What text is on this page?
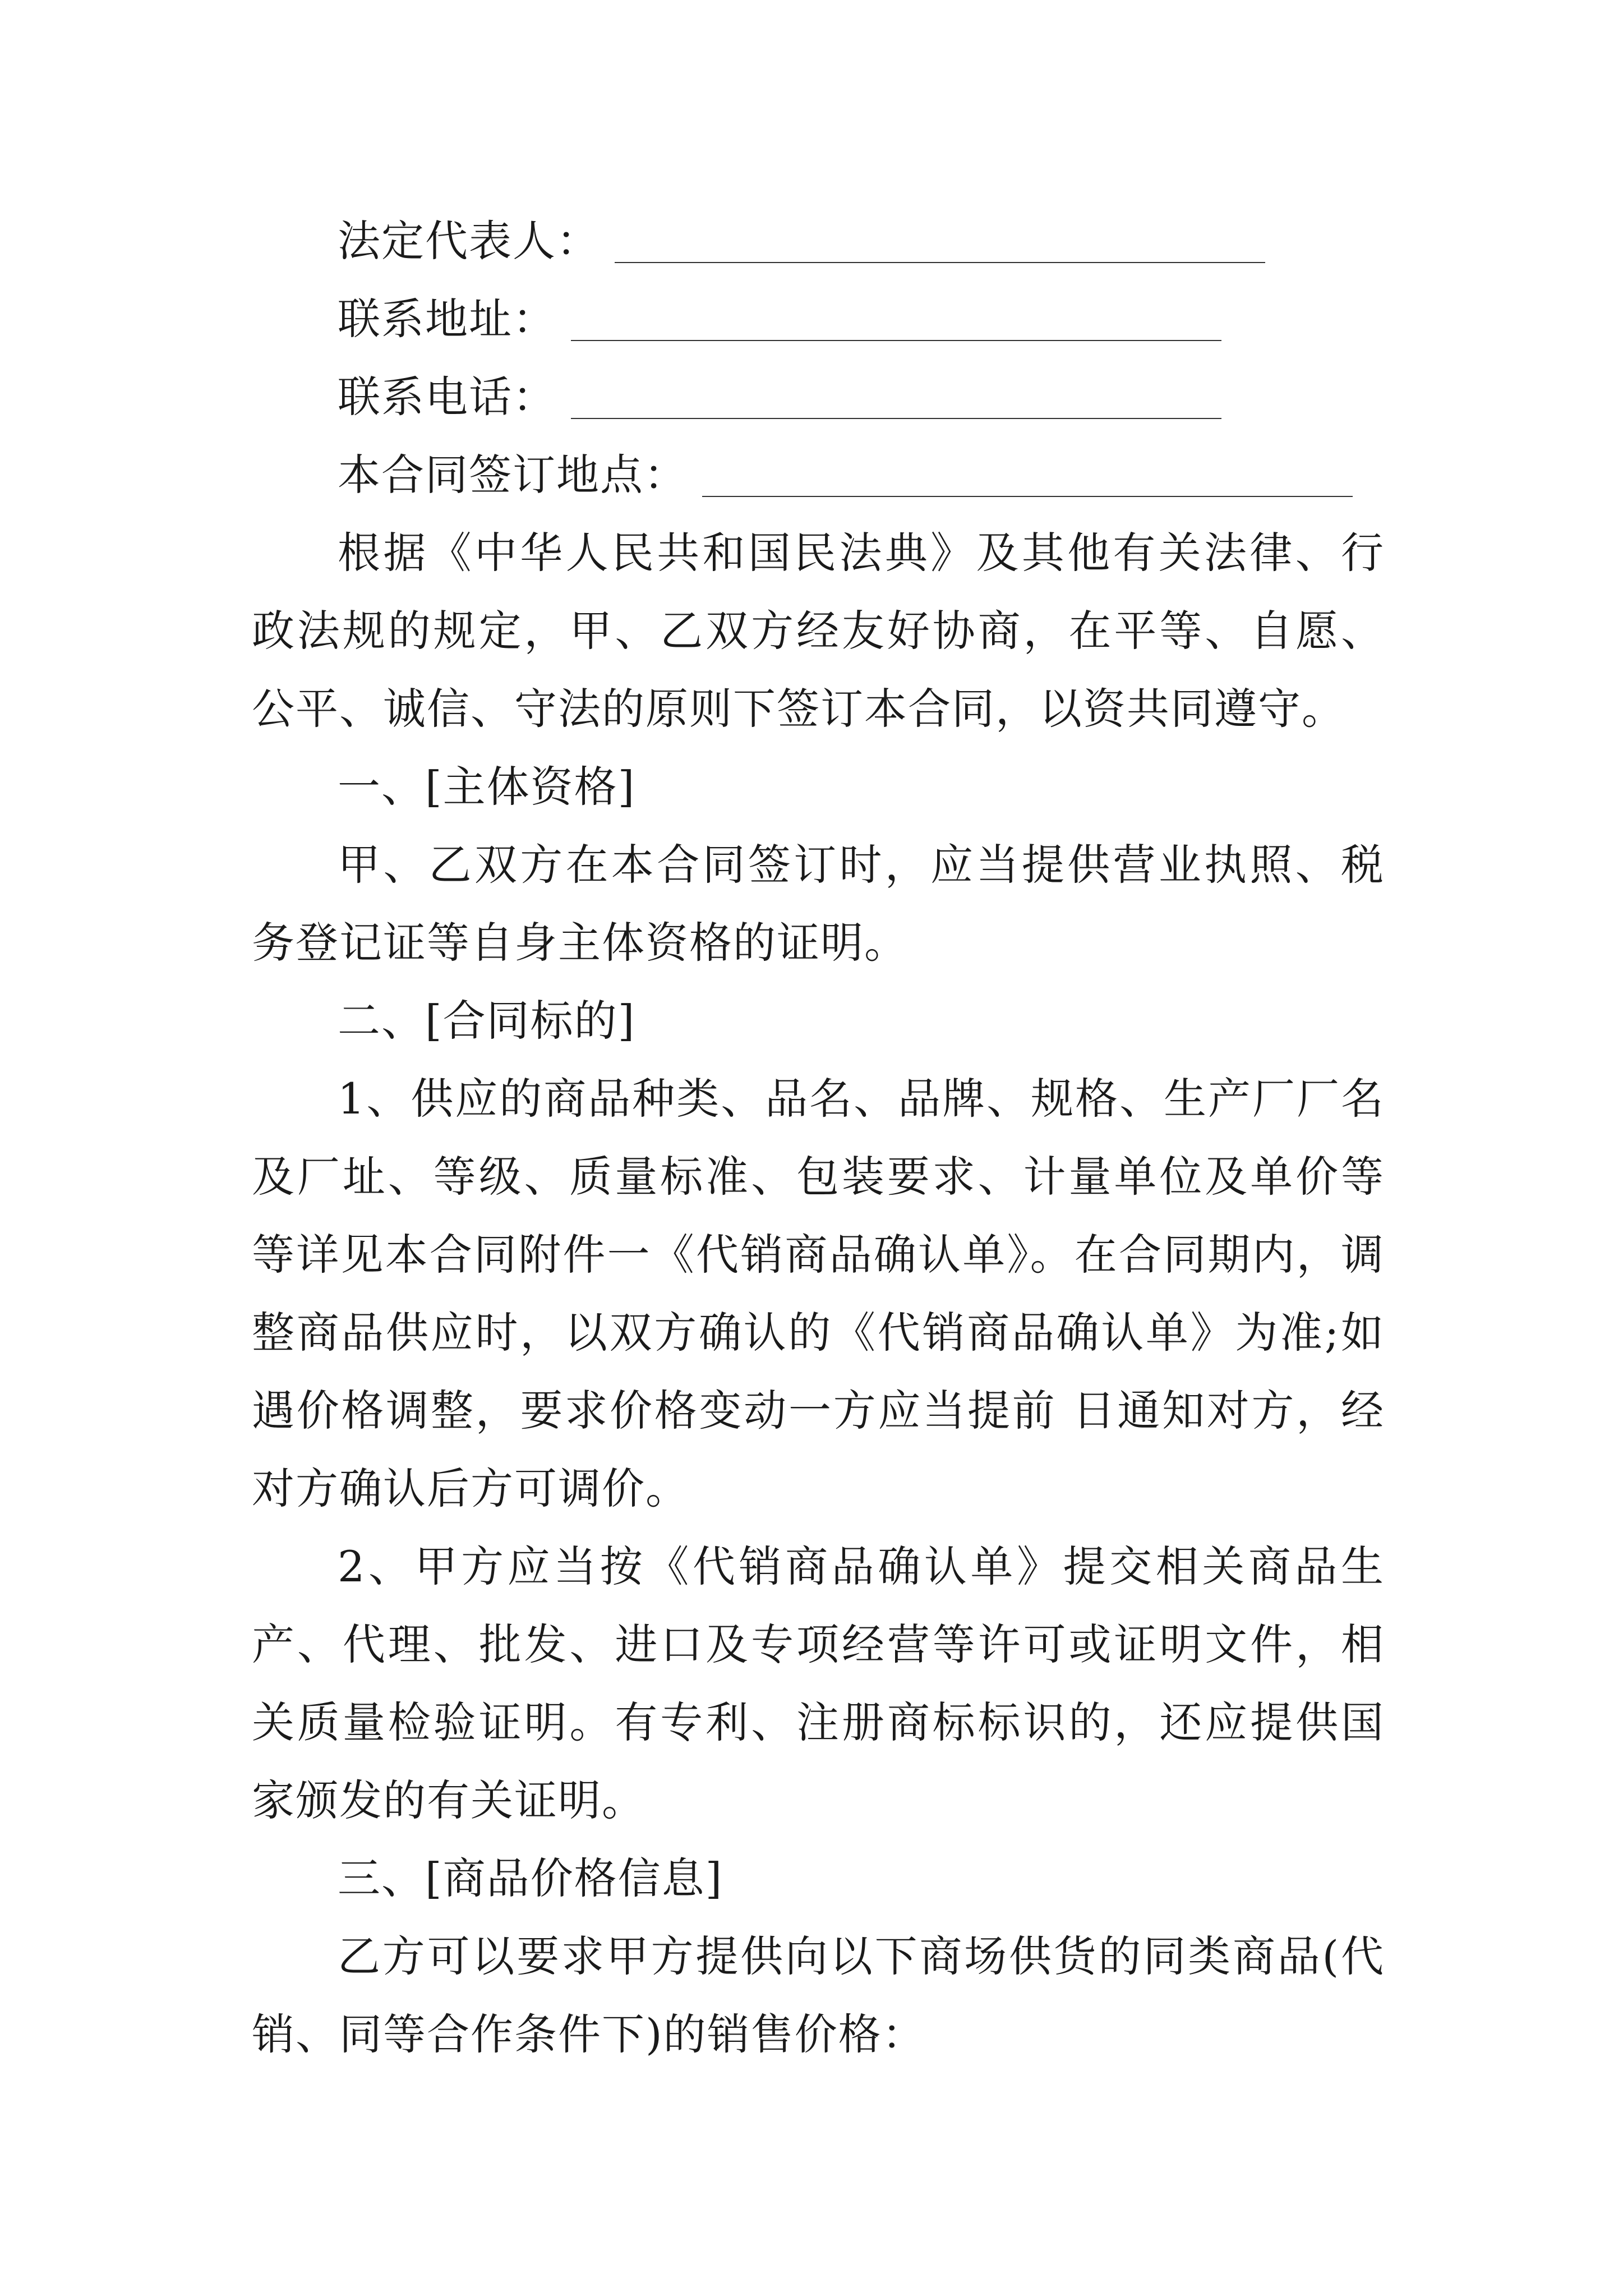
法定代表人：
联系地址：
联系电话：
本合同签订地点：

根据《中华人民共和国民法典》及其他有关法律、行政法规的规定，甲、乙双方经友好协商，在平等、自愿、公平、诚信、守法的原则下签订本合同，以资共同遵守。

一、[主体资格]

甲、乙双方在本合同签订时，应当提供营业执照、税务登记证等自身主体资格的证明。

二、[合同标的]

1、供应的商品种类、品名、品牌、规格、生产厂厂名及厂址、等级、质量标准、包装要求、计量单位及单价等等详见本合同附件一《代销商品确认单》。在合同期内，调整商品供应时，以双方确认的《代销商品确认单》为准;如遇价格调整，要求价格变动一方应当提前 日通知对方，经对方确认后方可调价。

2、甲方应当按《代销商品确认单》提交相关商品生产、代理、批发、进口及专项经营等许可或证明文件，相关质量检验证明。有专利、注册商标标识的，还应提供国家颁发的有关证明。

三、[商品价格信息]

乙方可以要求甲方提供向以下商场供货的同类商品(代销、同等合作条件下)的销售价格：
